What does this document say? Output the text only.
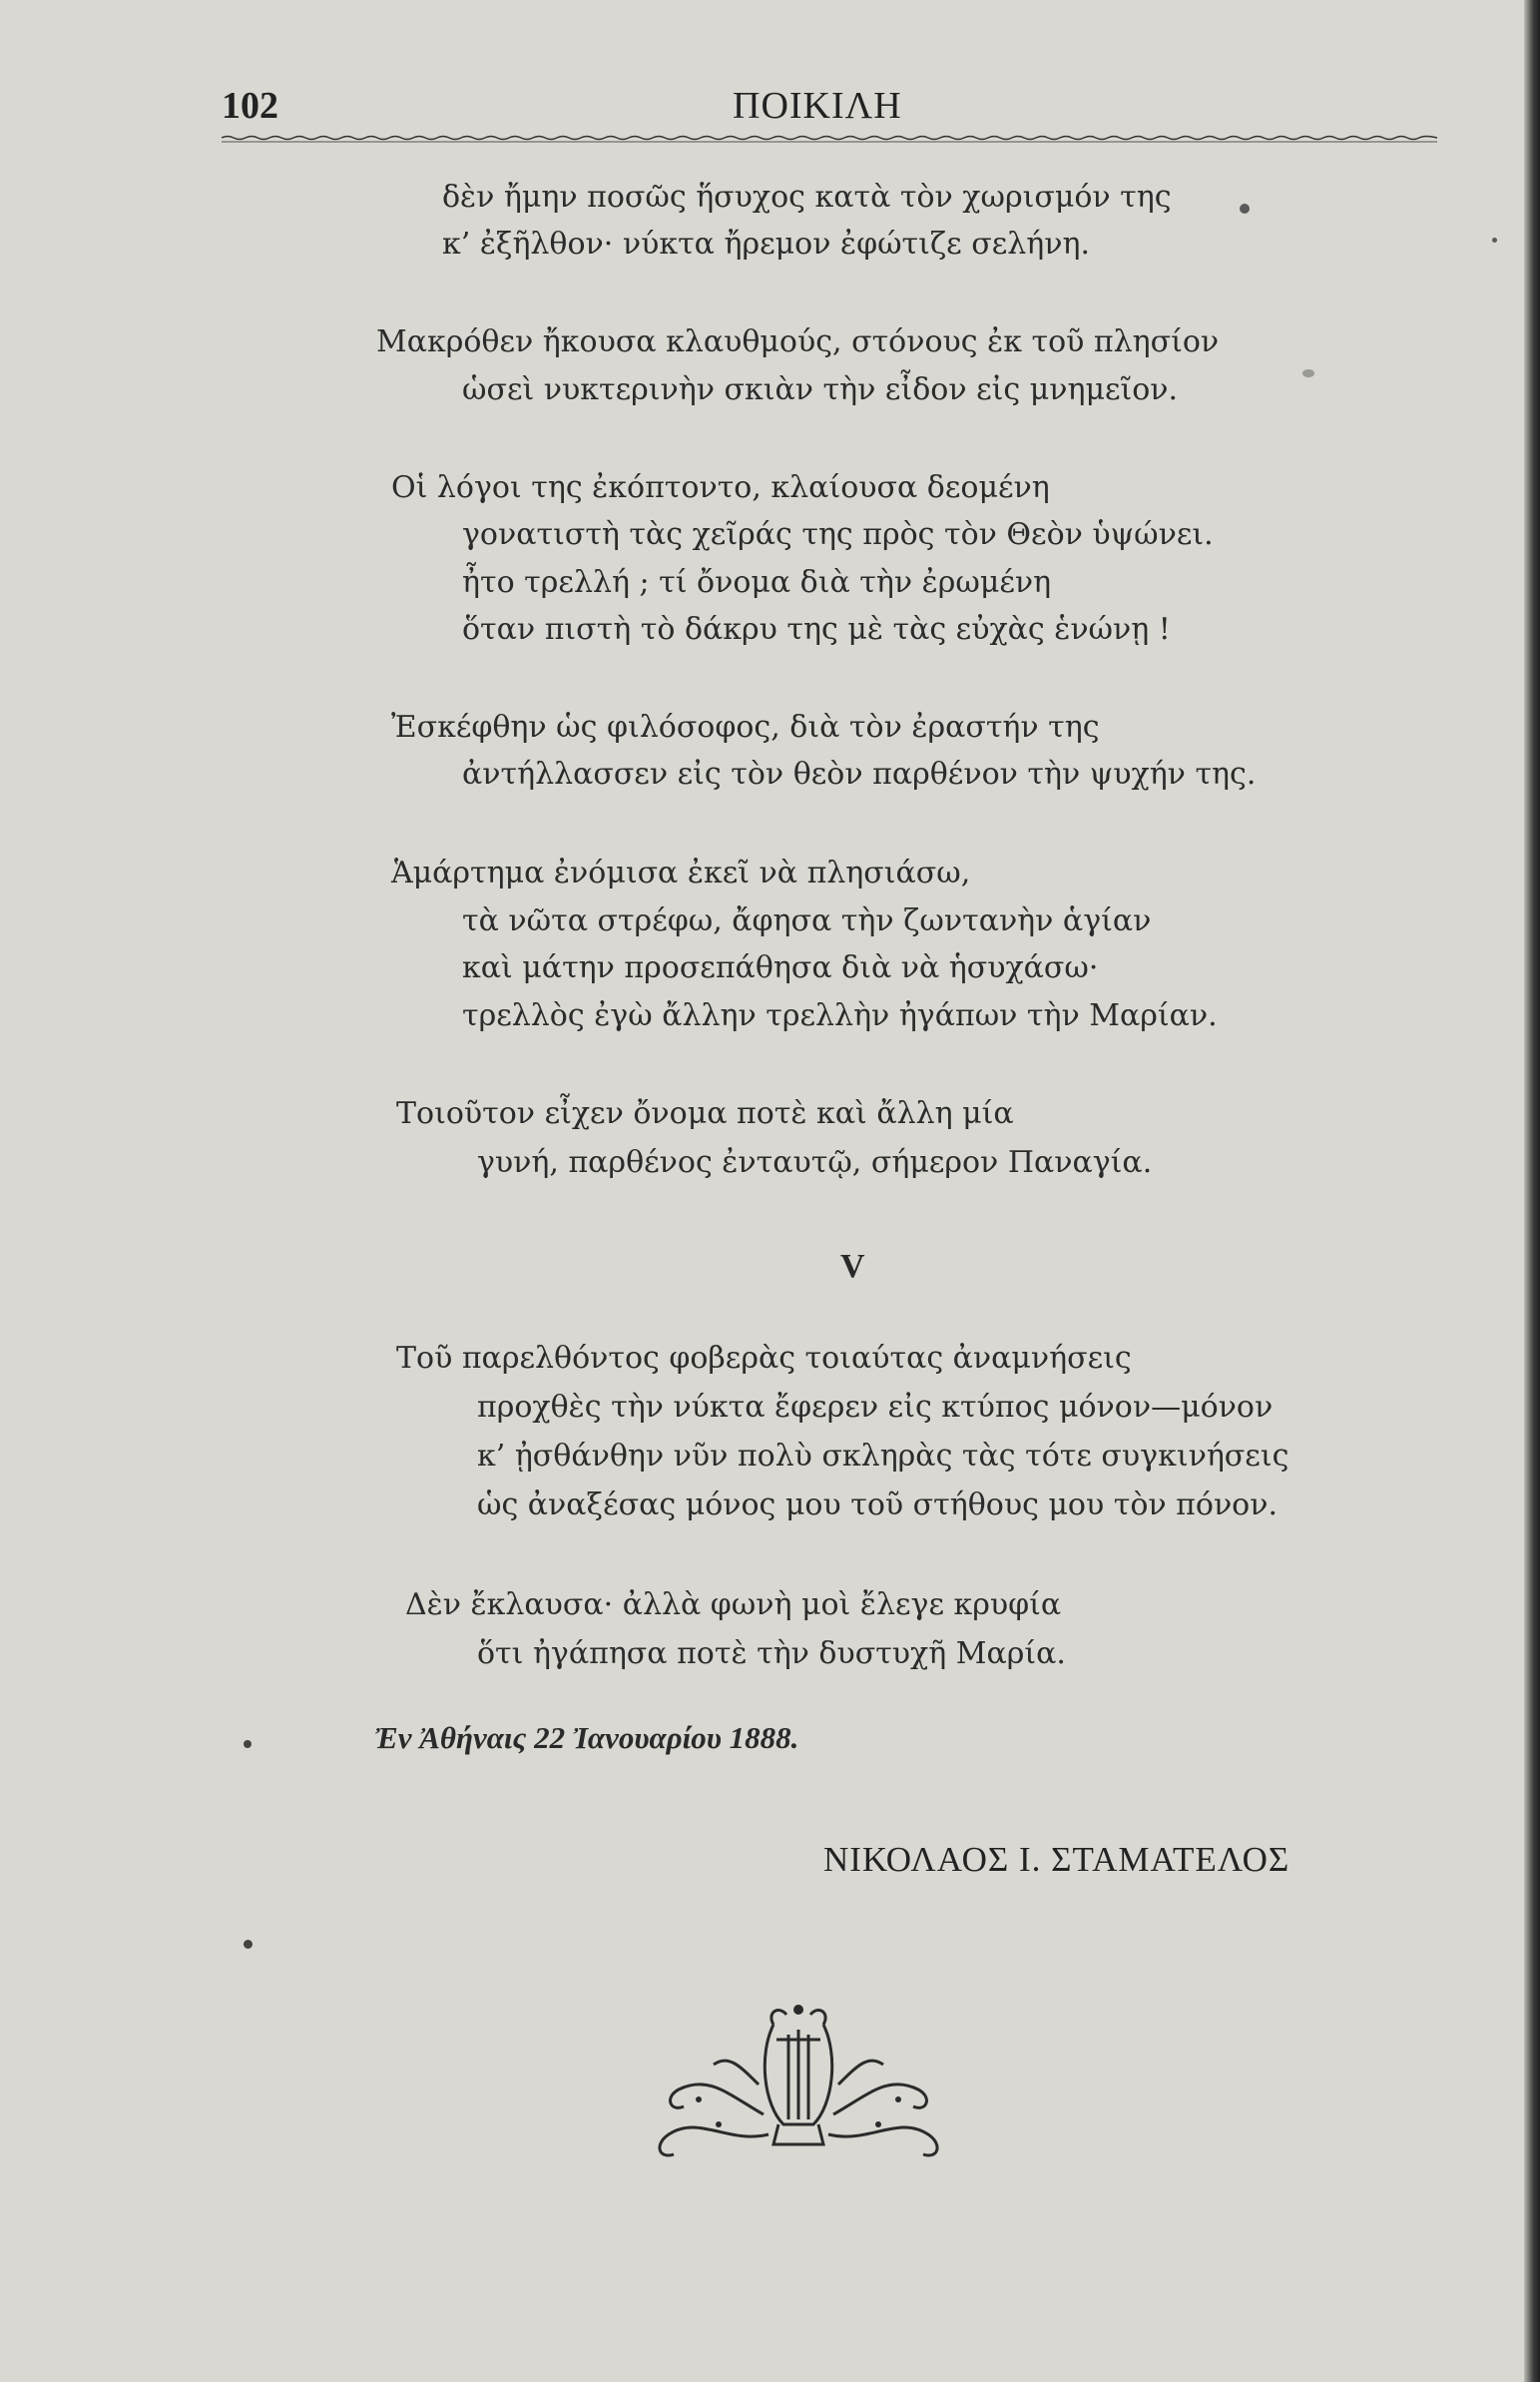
102	ΠΟΙΚΙΛΗ
δὲν ἤμην ποσῶς ἥσυχος κατὰ τὸν χωρισμόν της
κ’ ἐξῆλθον· νύκτα ἤρεμον ἐφώτιζε σελήνη.
Μακρόθεν ἤκουσα κλαυθμούς, στόνους ἐκ τοῦ πλησίον
ὡσεὶ νυκτερινὴν σκιὰν τὴν εἶδον εἰς μνημεῖον.
Οἱ λόγοι της ἐκόπτοντο, κλαίουσα δεομένη
γονατιστὴ τὰς χεῖράς της πρὸς τὸν Θεὸν ὑψώνει.
ἦτο τρελλή ; τί ὄνομα διὰ τὴν ἐρωμένη
ὅταν πιστὴ τὸ δάκρυ της μὲ τὰς εὐχὰς ἑνώνῃ !
Ἐσκέφθην ὡς φιλόσοφος, διὰ τὸν ἐραστήν της
ἀντήλλασσεν εἰς τὸν θεὸν παρθένον τὴν ψυχήν της.
Ἁμάρτημα ἐνόμισα ἐκεῖ νὰ πλησιάσω,
τὰ νῶτα στρέφω, ἄφησα τὴν ζωντανὴν ἁγίαν
καὶ μάτην προσεπάθησα διὰ νὰ ἡσυχάσω·
τρελλὸς ἐγὼ ἄλλην τρελλὴν ἠγάπων τὴν Μαρίαν.
Τοιοῦτον εἶχεν ὄνομα ποτὲ καὶ ἄλλη μία
γυνή, παρθένος ἐνταυτῷ, σήμερον Παναγία.
V
Τοῦ παρελθόντος φοβερὰς τοιαύτας ἀναμνήσεις
προχθὲς τὴν νύκτα ἔφερεν εἰς κτύπος μόνον—μόνον
κ’ ᾐσθάνθην νῦν πολὺ σκληρὰς τὰς τότε συγκινήσεις
ὡς ἀναξέσας μόνος μου τοῦ στήθους μου τὸν πόνον.
Δὲν ἔκλαυσα· ἀλλὰ φωνὴ μοὶ ἔλεγε κρυφία
ὅτι ἠγάπησα ποτὲ τὴν δυστυχῆ Μαρία.
Ἐν Ἀθήναις 22 Ἰανουαρίου 1888.
ΝΙΚΟΛΑΟΣ Ι. ΣΤΑΜΑΤΕΛΟΣ
